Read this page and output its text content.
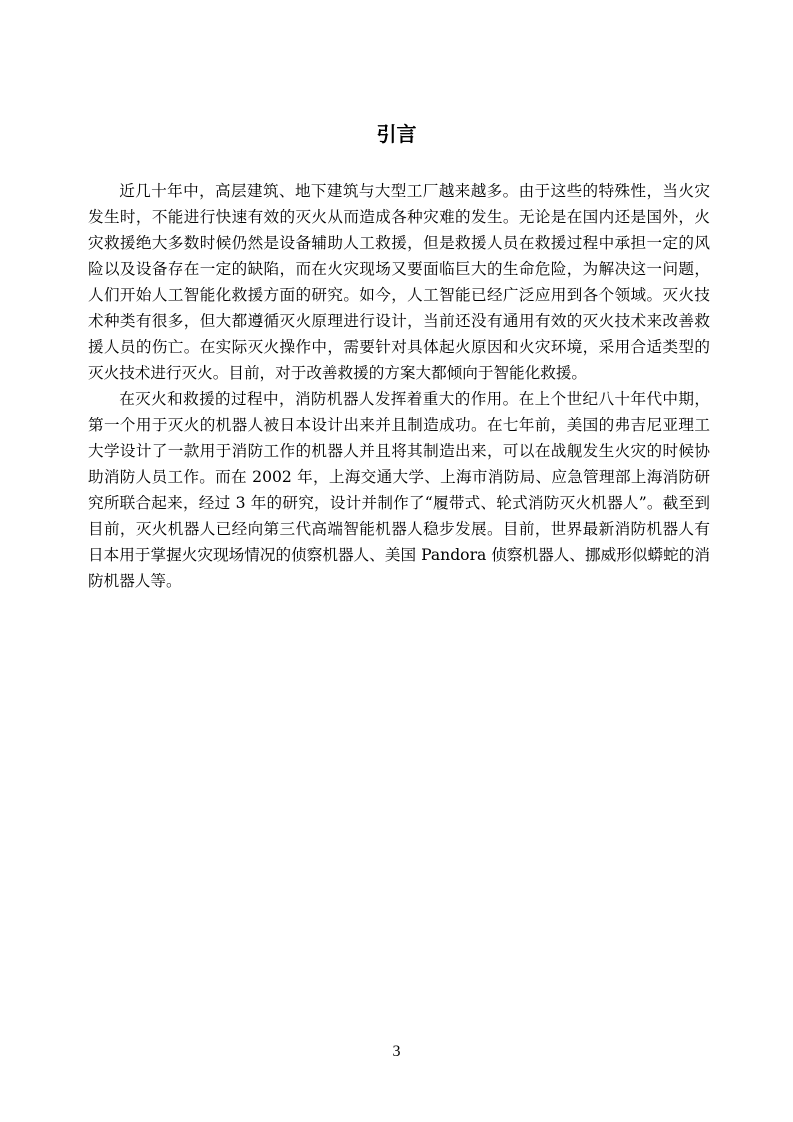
引言

近几十年中，高层建筑、地下建筑与大型工厂越来越多。由于这些的特殊性，当火灾发生时，不能进行快速有效的灭火从而造成各种灾难的发生。无论是在国内还是国外，火灾救援绝大多数时候仍然是设备辅助人工救援，但是救援人员在救援过程中承担一定的风险以及设备存在一定的缺陷，而在火灾现场又要面临巨大的生命危险，为解决这一问题，人们开始人工智能化救援方面的研究。如今，人工智能已经广泛应用到各个领域。灭火技术种类有很多，但大都遵循灭火原理进行设计，当前还没有通用有效的灭火技术来改善救援人员的伤亡。在实际灭火操作中，需要针对具体起火原因和火灾环境，采用合适类型的灭火技术进行灭火。目前，对于改善救援的方案大都倾向于智能化救援。

在灭火和救援的过程中，消防机器人发挥着重大的作用。在上个世纪八十年代中期，第一个用于灭火的机器人被日本设计出来并且制造成功。在七年前，美国的弗吉尼亚理工大学设计了一款用于消防工作的机器人并且将其制造出来，可以在战舰发生火灾的时候协助消防人员工作。而在 2002 年，上海交通大学、上海市消防局、应急管理部上海消防研究所联合起来，经过 3 年的研究，设计并制作了“履带式、轮式消防灭火机器人”。截至到目前，灭火机器人已经向第三代高端智能机器人稳步发展。目前，世界最新消防机器人有日本用于掌握火灾现场情况的侦察机器人、美国 Pandora 侦察机器人、挪威形似蟒蛇的消防机器人等。

3
